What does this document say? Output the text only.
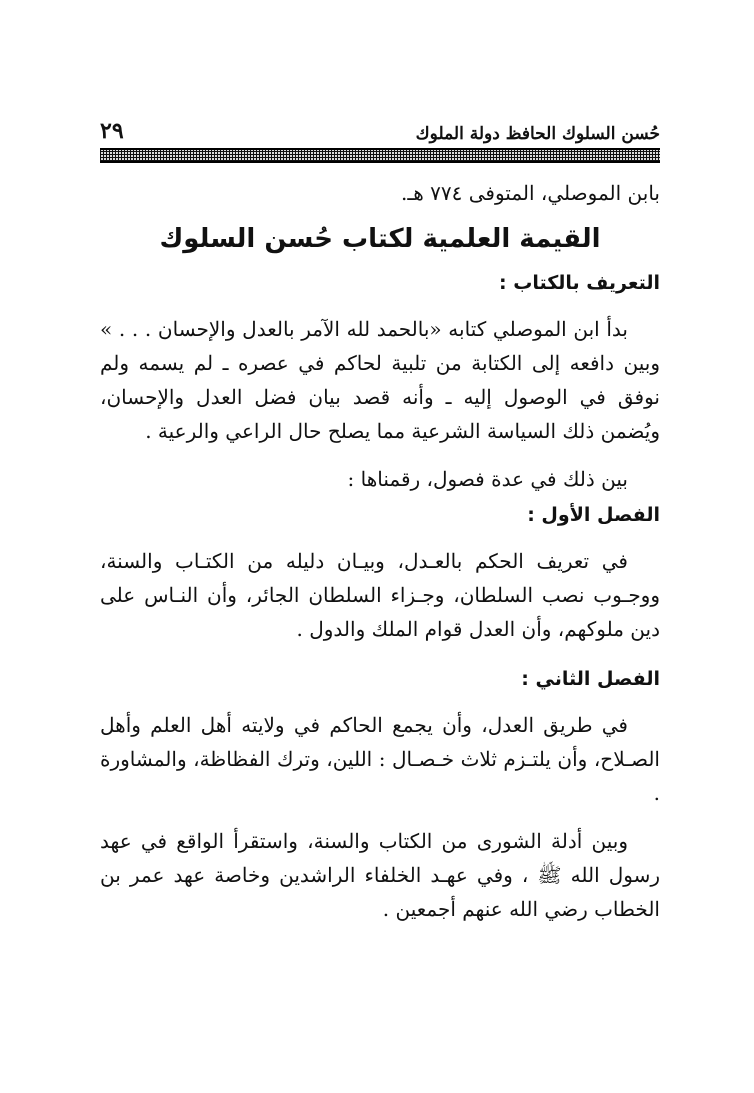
٢٩	حُسن السلوك الحافظ دولة الملوك

بابن الموصلي، المتوفى ٧٧٤ هـ.

القيمة العلمية لكتاب حُسن السلوك
التعريف بالكتاب :

بدأ ابن الموصلي كتابه «بالحمد لله الآمر بالعدل والإحسان . . . » وبين دافعه إلى الكتابة من تلبية لحاكم في عصره ـ لم يسمه ولم نوفق في الوصول إليه ـ وأنه قصد بيان فضل العدل والإحسان، ويُضمن ذلك السياسة الشرعية مما يصلح حال الراعي والرعية .

بين ذلك في عدة فصول، رقمناها :

الفصل الأول :

في تعريف الحكم بالعـدل، وبيـان دليله من الكتـاب والسنة، ووجـوب نصب السلطان، وجـزاء السلطان الجائر، وأن النـاس على دين ملوكهم، وأن العدل قوام الملك والدول .

الفصل الثاني :

في طريق العدل، وأن يجمع الحاكم في ولايته أهل العلم وأهل الصـلاح، وأن يلتـزم ثلاث خـصـال : اللين، وترك الفظاظة، والمشاورة .

وبين أدلة الشورى من الكتاب والسنة، واستقرأ الواقع في عهد رسول الله ﷺ ، وفي عهـد الخلفاء الراشدين وخاصة عهد عمر بن الخطاب رضي الله عنهم أجمعين .
